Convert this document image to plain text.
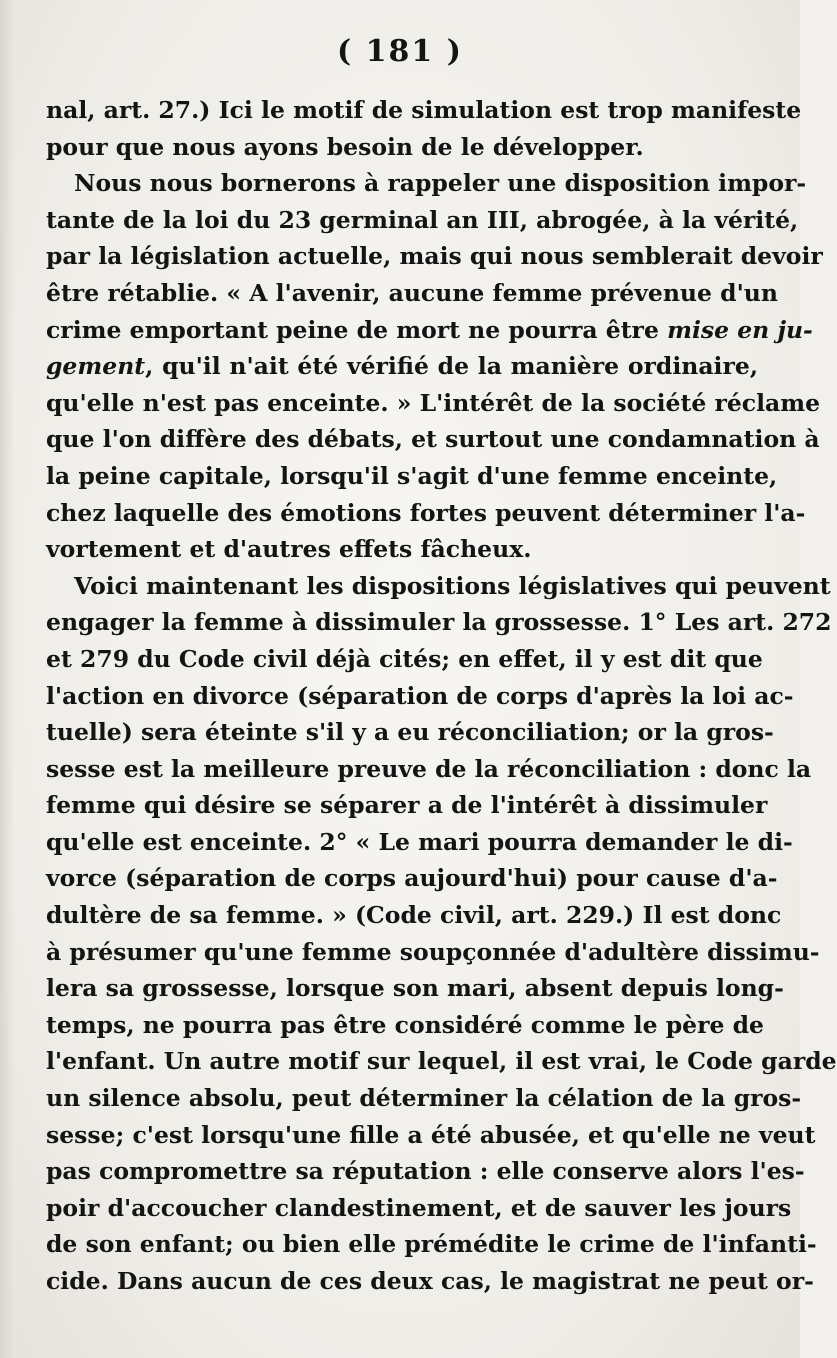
( 181 )
nal, art. 27.) Ici le motif de simulation est trop manifeste
pour que nous ayons besoin de le développer.
Nous nous bornerons à rappeler une disposition impor-
tante de la loi du 23 germinal an III, abrogée, à la vérité,
par la législation actuelle, mais qui nous semblerait devoir
être rétablie. « A l'avenir, aucune femme prévenue d'un
crime emportant peine de mort ne pourra être mise en ju-
gement, qu'il n'ait été vérifié de la manière ordinaire,
qu'elle n'est pas enceinte. » L'intérêt de la société réclame
que l'on diffère des débats, et surtout une condamnation à
la peine capitale, lorsqu'il s'agit d'une femme enceinte,
chez laquelle des émotions fortes peuvent déterminer l'a-
vortement et d'autres effets fâcheux.
Voici maintenant les dispositions législatives qui peuvent
engager la femme à dissimuler la grossesse. 1° Les art. 272
et 279 du Code civil déjà cités; en effet, il y est dit que
l'action en divorce (séparation de corps d'après la loi ac-
tuelle) sera éteinte s'il y a eu réconciliation; or la gros-
sesse est la meilleure preuve de la réconciliation : donc la
femme qui désire se séparer a de l'intérêt à dissimuler
qu'elle est enceinte. 2° « Le mari pourra demander le di-
vorce (séparation de corps aujourd'hui) pour cause d'a-
dultère de sa femme. » (Code civil, art. 229.) Il est donc
à présumer qu'une femme soupçonnée d'adultère dissimu-
lera sa grossesse, lorsque son mari, absent depuis long-
temps, ne pourra pas être considéré comme le père de
l'enfant. Un autre motif sur lequel, il est vrai, le Code garde
un silence absolu, peut déterminer la célation de la gros-
sesse; c'est lorsqu'une fille a été abusée, et qu'elle ne veut
pas compromettre sa réputation : elle conserve alors l'es-
poir d'accoucher clandestinement, et de sauver les jours
de son enfant; ou bien elle prémédite le crime de l'infanti-
cide. Dans aucun de ces deux cas, le magistrat ne peut or-
